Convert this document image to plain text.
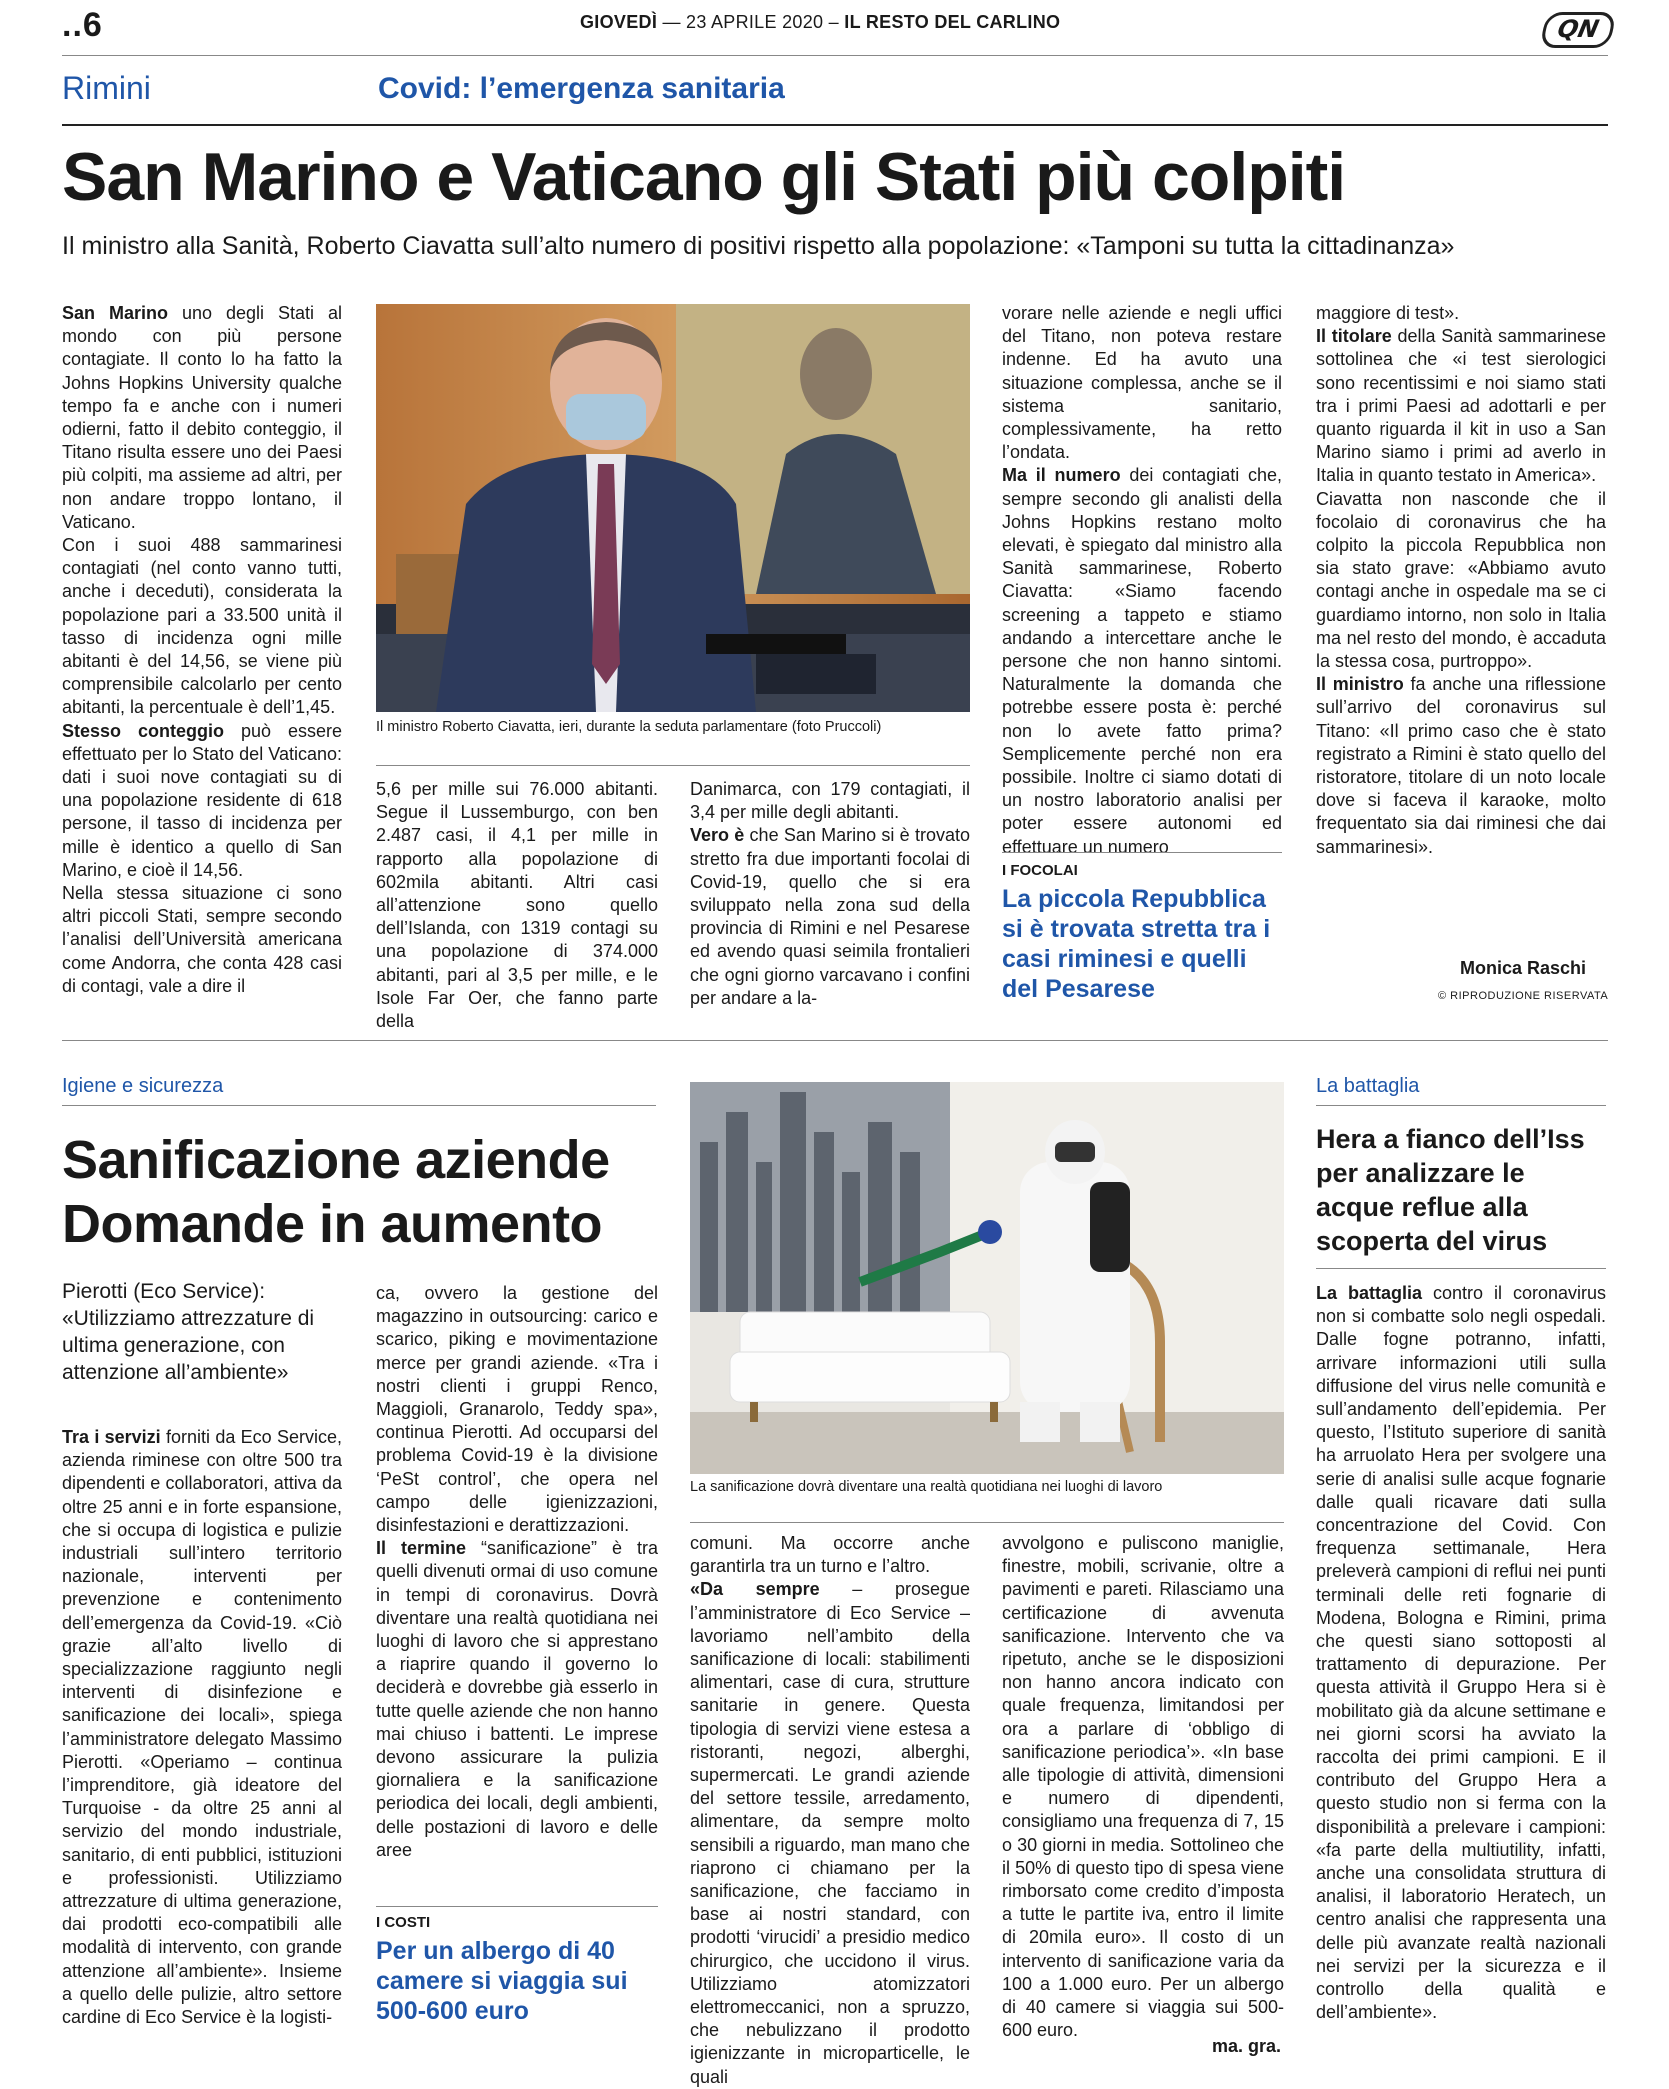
..6	GIOVEDÌ — 23 APRILE 2020 – IL RESTO DEL CARLINO	QN
Rimini	Covid: l’emergenza sanitaria
San Marino e Vaticano gli Stati più colpiti
Il ministro alla Sanità, Roberto Ciavatta sull’alto numero di positivi rispetto alla popolazione: «Tamponi su tutta la cittadinanza»

San Marino uno degli Stati al mondo con più persone contagiate. Il conto lo ha fatto la Johns Hopkins University qualche tempo fa e anche con i numeri odierni, fatto il debito conteggio, il Titano risulta essere uno dei Paesi più colpiti, ma assieme ad altri, per non andare troppo lontano, il Vaticano.

Con i suoi 488 sammarinesi contagiati (nel conto vanno tutti, anche i deceduti), considerata la popolazione pari a 33.500 unità il tasso di incidenza ogni mille abitanti è del 14,56, se viene più comprensibile calcolarlo per cento abitanti, la percentuale è dell’1,45.

Stesso conteggio può essere effettuato per lo Stato del Vaticano: dati i suoi nove contagiati su di una popolazione residente di 618 persone, il tasso di incidenza per mille è identico a quello di San Marino, e cioè il 14,56.

Nella stessa situazione ci sono altri piccoli Stati, sempre secondo l’analisi dell’Università americana come Andorra, che conta 428 casi di contagi, vale a dire il

Il ministro Roberto Ciavatta, ieri, durante la seduta parlamentare (foto Pruccoli)

5,6 per mille sui 76.000 abitanti. Segue il Lussemburgo, con ben 2.487 casi, il 4,1 per mille in rapporto alla popolazione di 602mila abitanti. Altri casi all’attenzione sono quello dell’Islanda, con 1319 contagi su una popolazione di 374.000 abitanti, pari al 3,5 per mille, e le Isole Far Oer, che fanno parte della

Danimarca, con 179 contagiati, il 3,4 per mille degli abitanti.

Vero è che San Marino si è trovato stretto fra due importanti focolai di Covid-19, quello che si era sviluppato nella zona sud della provincia di Rimini e nel Pesarese ed avendo quasi seimila frontalieri che ogni giorno varcavano i confini per andare a la-

vorare nelle aziende e negli uffici del Titano, non poteva restare indenne. Ed ha avuto una situazione complessa, anche se il sistema sanitario, complessivamente, ha retto l’ondata.

Ma il numero dei contagiati che, sempre secondo gli analisti della Johns Hopkins restano molto elevati, è spiegato dal ministro alla Sanità sammarinese, Roberto Ciavatta: «Siamo facendo screening a tappeto e stiamo andando a intercettare anche le persone che non hanno sintomi. Naturalmente la domanda che potrebbe essere posta è: perché non lo avete fatto prima? Semplicemente perché non era possibile. Inoltre ci siamo dotati di un nostro laboratorio analisi per poter essere autonomi ed effettuare un numero

I FOCOLAI
La piccola Repubblica si è trovata stretta tra i casi riminesi e quelli del Pesarese

maggiore di test».

Il titolare della Sanità sammarinese sottolinea che «i test sierologici sono recentissimi e noi siamo stati tra i primi Paesi ad adottarli e per quanto riguarda il kit in uso a San Marino siamo i primi ad averlo in Italia in quanto testato in America».

Ciavatta non nasconde che il focolaio di coronavirus che ha colpito la piccola Repubblica non sia stato grave: «Abbiamo avuto contagi anche in ospedale ma se ci guardiamo intorno, non solo in Italia ma nel resto del mondo, è accaduta la stessa cosa, purtroppo».

Il ministro fa anche una riflessione sull’arrivo del coronavirus sul Titano: «Il primo caso che è stato registrato a Rimini è stato quello del ristoratore, titolare di un noto locale dove si faceva il karaoke, molto frequentato sia dai riminesi che dai sammarinesi».

Monica Raschi
© RIPRODUZIONE RISERVATA
Igiene e sicurezza
Sanificazione aziende
Domande in aumento
Pierotti (Eco Service): «Utilizziamo attrezzature di ultima generazione, con attenzione all’ambiente»

Tra i servizi forniti da Eco Service, azienda riminese con oltre 500 tra dipendenti e collaboratori, attiva da oltre 25 anni e in forte espansione, che si occupa di logistica e pulizie industriali sull’intero territorio nazionale, interventi per prevenzione e contenimento dell’emergenza da Covid-19. «Ciò grazie all’alto livello di specializzazione raggiunto negli interventi di disinfezione e sanificazione dei locali», spiega l’amministratore delegato Massimo Pierotti. «Operiamo – continua l’imprenditore, già ideatore del Turquoise - da oltre 25 anni al servizio del mondo industriale, sanitario, di enti pubblici, istituzioni e professionisti. Utilizziamo attrezzature di ultima generazione, dai prodotti eco-compatibili alle modalità di intervento, con grande attenzione all’ambiente». Insieme a quello delle pulizie, altro settore cardine di Eco Service è la logisti-

ca, ovvero la gestione del magazzino in outsourcing: carico e scarico, piking e movimentazione merce per grandi aziende. «Tra i nostri clienti i gruppi Renco, Maggioli, Granarolo, Teddy spa», continua Pierotti. Ad occuparsi del problema Covid-19 è la divisione ‘PeSt control’, che opera nel campo delle igienizzazioni, disinfestazioni e derattizzazioni.

Il termine “sanificazione” è tra quelli divenuti ormai di uso comune in tempi di coronavirus. Dovrà diventare una realtà quotidiana nei luoghi di lavoro che si apprestano a riaprire quando il governo lo deciderà e dovrebbe già esserlo in tutte quelle aziende che non hanno mai chiuso i battenti. Le imprese devono assicurare la pulizia giornaliera e la sanificazione periodica dei locali, degli ambienti, delle postazioni di lavoro e delle aree

I COSTI
Per un albergo di 40 camere si viaggia sui 500-600 euro
La sanificazione dovrà diventare una realtà quotidiana nei luoghi di lavoro

comuni. Ma occorre anche garantirla tra un turno e l’altro.

«Da sempre – prosegue l’amministratore di Eco Service – lavoriamo nell’ambito della sanificazione di locali: stabilimenti alimentari, case di cura, strutture sanitarie in genere. Questa tipologia di servizi viene estesa a ristoranti, negozi, alberghi, supermercati. Le grandi aziende del settore tessile, arredamento, alimentare, da sempre molto sensibili a riguardo, man mano che riaprono ci chiamano per la sanificazione, che facciamo in base ai nostri standard, con prodotti ‘virucidi’ a presidio medico chirurgico, che uccidono il virus. Utilizziamo atomizzatori elettromeccanici, non a spruzzo, che nebulizzano il prodotto igienizzante in microparticelle, le quali

avvolgono e puliscono maniglie, finestre, mobili, scrivanie, oltre a pavimenti e pareti. Rilasciamo una certificazione di avvenuta sanificazione. Intervento che va ripetuto, anche se le disposizioni non hanno ancora indicato con quale frequenza, limitandosi per ora a parlare di ‘obbligo di sanificazione periodica’». «In base alle tipologie di attività, dimensioni e numero di dipendenti, consigliamo una frequenza di 7, 15 o 30 giorni in media. Sottolineo che il 50% di questo tipo di spesa viene rimborsato come credito d’imposta a tutte le partite iva, entro il limite di 20mila euro». Il costo di un intervento di sanificazione varia da 100 a 1.000 euro. Per un albergo di 40 camere si viaggia sui 500-600 euro.

ma. gra.
La battaglia
Hera a fianco dell’Iss per analizzare le acque reflue alla scoperta del virus

La battaglia contro il coronavirus non si combatte solo negli ospedali. Dalle fogne potranno, infatti, arrivare informazioni utili sulla diffusione del virus nelle comunità e sull’andamento dell’epidemia. Per questo, l’Istituto superiore di sanità ha arruolato Hera per svolgere una serie di analisi sulle acque fognarie dalle quali ricavare dati sulla concentrazione del Covid. Con frequenza settimanale, Hera preleverà campioni di reflui nei punti terminali delle reti fognarie di Modena, Bologna e Rimini, prima che questi siano sottoposti al trattamento di depurazione. Per questa attività il Gruppo Hera si è mobilitato già da alcune settimane e nei giorni scorsi ha avviato la raccolta dei primi campioni. E il contributo del Gruppo Hera a questo studio non si ferma con la disponibilità a prelevare i campioni: «fa parte della multiutility, infatti, anche una consolidata struttura di analisi, il laboratorio Heratech, un centro analisi che rappresenta una delle più avanzate realtà nazionali nei servizi per la sicurezza e il controllo della qualità e dell’ambiente».
